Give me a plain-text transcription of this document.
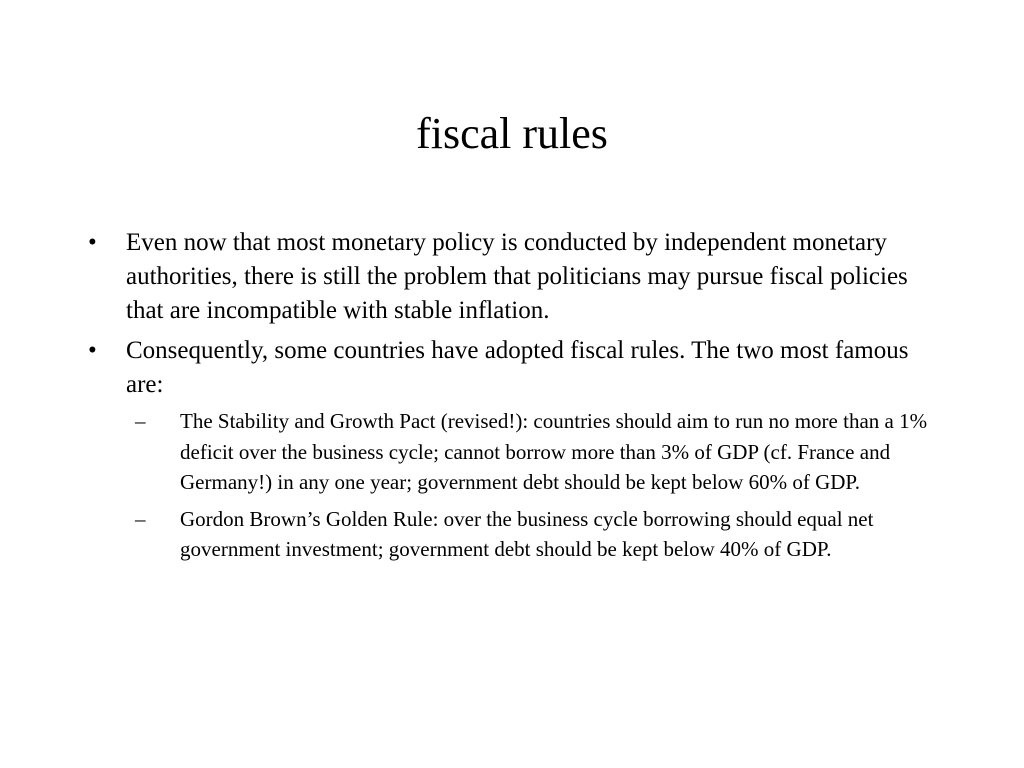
fiscal rules
•	Even now that most monetary policy is conducted by independent monetary authorities, there is still the problem that politicians may pursue fiscal policies that are incompatible with stable inflation.
•	Consequently, some countries have adopted fiscal rules. The two most famous are:
–	The Stability and Growth Pact (revised!): countries should aim to run no more than a 1% deficit over the business cycle; cannot borrow more than 3% of GDP (cf. France and Germany!) in any one year; government debt should be kept below 60% of GDP.
–	Gordon Brown’s Golden Rule: over the business cycle borrowing should equal net government investment; government debt should be kept below 40% of GDP.
